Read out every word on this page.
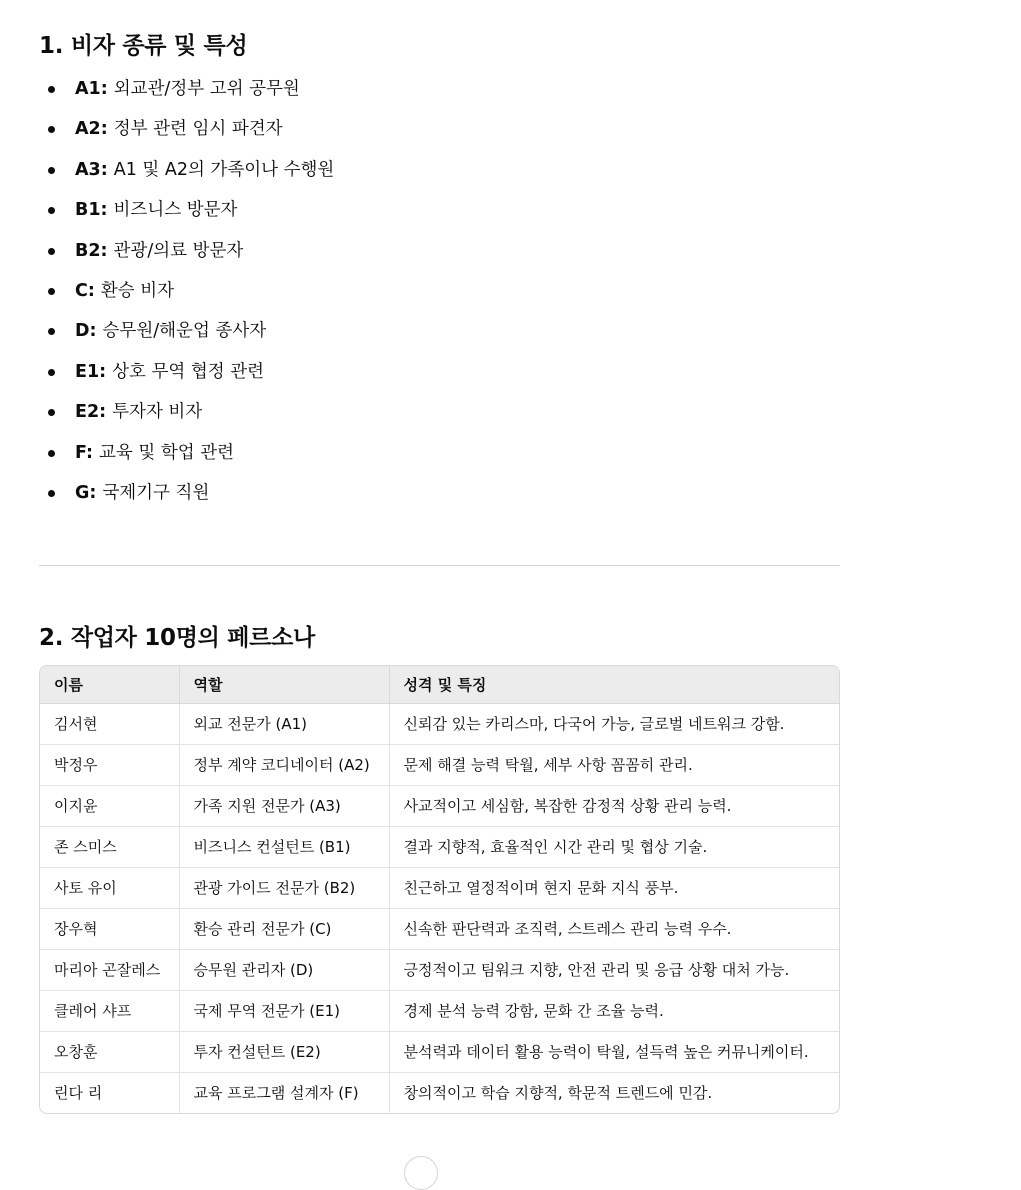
1. 비자 종류 및 특성
A1: 외교관/정부 고위 공무원
A2: 정부 관련 임시 파견자
A3: A1 및 A2의 가족이나 수행원
B1: 비즈니스 방문자
B2: 관광/의료 방문자
C: 환승 비자
D: 승무원/해운업 종사자
E1: 상호 무역 협정 관련
E2: 투자자 비자
F: 교육 및 학업 관련
G: 국제기구 직원
2. 작업자 10명의 페르소나
이름	역할	성격 및 특징
김서현	외교 전문가 (A1)	신뢰감 있는 카리스마, 다국어 가능, 글로벌 네트워크 강함.
박정우	정부 계약 코디네이터 (A2)	문제 해결 능력 탁월, 세부 사항 꼼꼼히 관리.
이지윤	가족 지원 전문가 (A3)	사교적이고 세심함, 복잡한 감정적 상황 관리 능력.
존 스미스	비즈니스 컨설턴트 (B1)	결과 지향적, 효율적인 시간 관리 및 협상 기술.
사토 유이	관광 가이드 전문가 (B2)	친근하고 열정적이며 현지 문화 지식 풍부.
장우혁	환승 관리 전문가 (C)	신속한 판단력과 조직력, 스트레스 관리 능력 우수.
마리아 곤잘레스	승무원 관리자 (D)	긍정적이고 팀워크 지향, 안전 관리 및 응급 상황 대처 가능.
클레어 샤프	국제 무역 전문가 (E1)	경제 분석 능력 강함, 문화 간 조율 능력.
오창훈	투자 컨설턴트 (E2)	분석력과 데이터 활용 능력이 탁월, 설득력 높은 커뮤니케이터.
린다 리	교육 프로그램 설계자 (F)	창의적이고 학습 지향적, 학문적 트렌드에 민감.
